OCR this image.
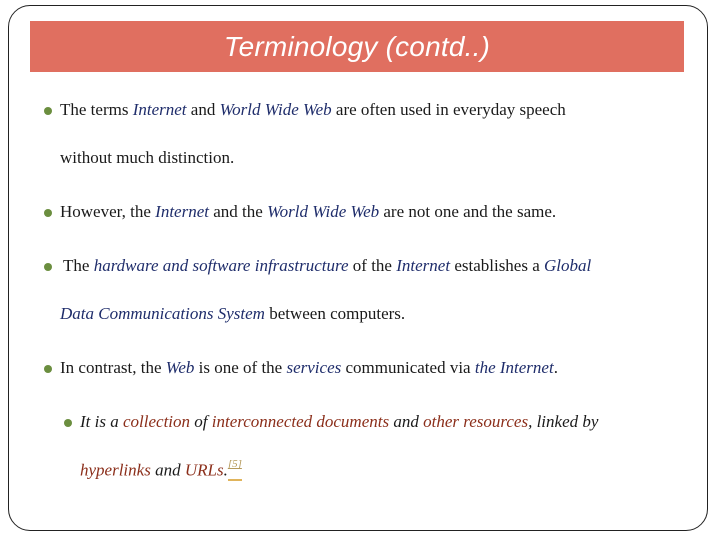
Terminology (contd..)
The terms Internet and World Wide Web are often used in everyday speech
without much distinction.
However, the Internet and the World Wide Web are not one and the same.
The hardware and software infrastructure of the Internet establishes a Global
Data Communications System between computers.
In contrast, the Web is one of the services communicated via the Internet.
It is a collection of interconnected documents and other resources, linked by
hyperlinks and URLs.[5]
